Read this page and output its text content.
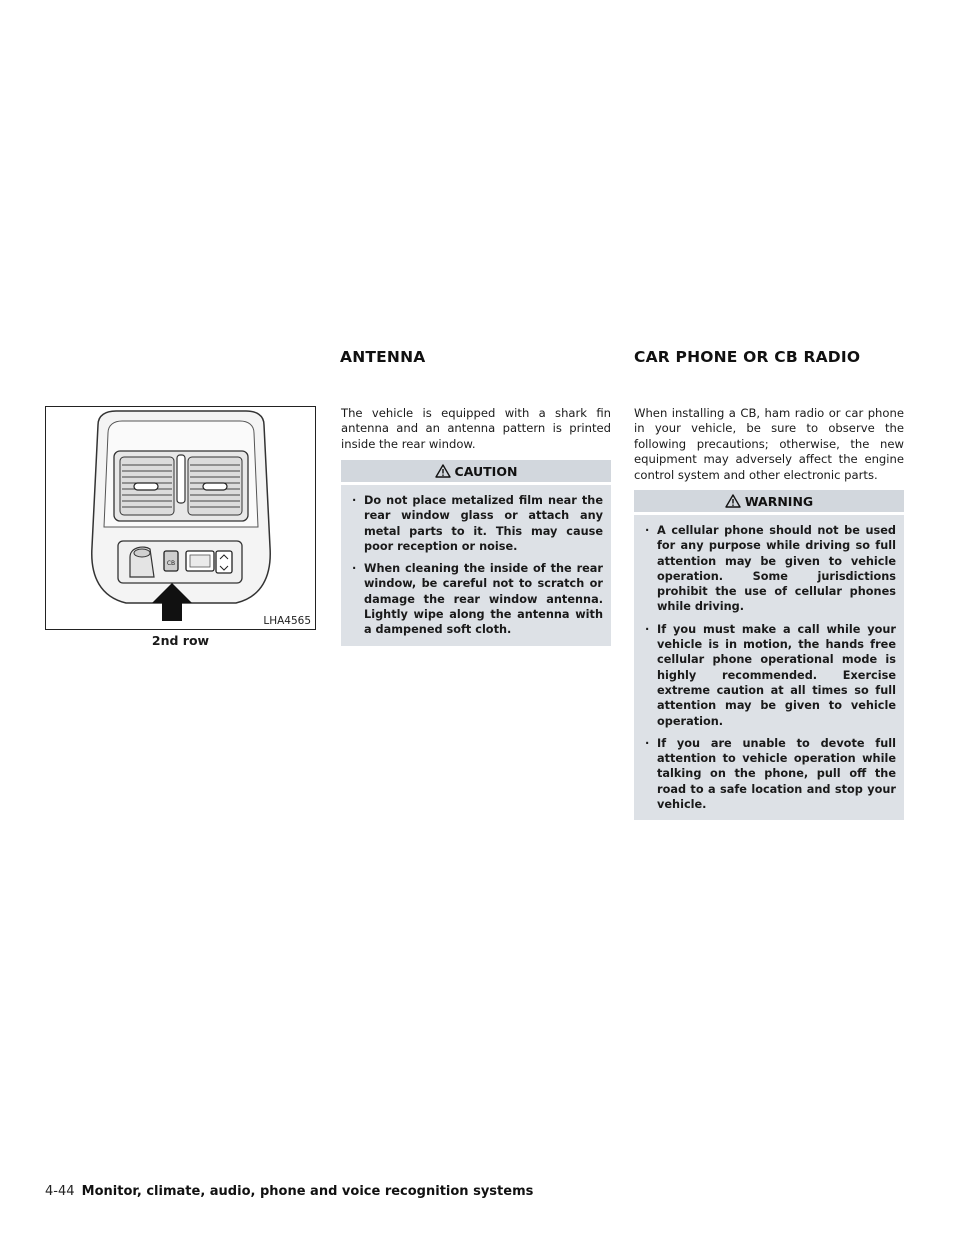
CB
LHA4565
2nd row
ANTENNA

The vehicle is equipped with a shark fin antenna and an antenna pattern is printed inside the rear window.

CAUTION
· Do not place metalized film near the rear window glass or attach any metal parts to it. This may cause poor reception or noise.
· When cleaning the inside of the rear window, be careful not to scratch or damage the rear window antenna. Lightly wipe along the antenna with a dampened soft cloth.
CAR PHONE OR CB RADIO

When installing a CB, ham radio or car phone in your vehicle, be sure to observe the following precautions; otherwise, the new equipment may adversely affect the engine control system and other electronic parts.

WARNING
· A cellular phone should not be used for any purpose while driving so full attention may be given to vehicle operation. Some jurisdictions prohibit the use of cellular phones while driving.
· If you must make a call while your vehicle is in motion, the hands free cellular phone operational mode is highly recommended. Exercise extreme caution at all times so full attention may be given to vehicle operation.
· If you are unable to devote full attention to vehicle operation while talking on the phone, pull off the road to a safe location and stop your vehicle.
4-44 Monitor, climate, audio, phone and voice recognition systems
